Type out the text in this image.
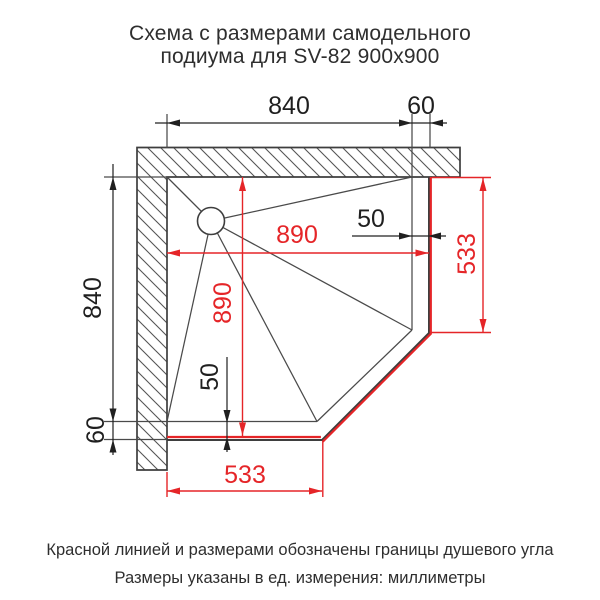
Схема с размерами самодельного
подиума для SV-82 900x900
840	60
50
840
60
50
890
890
533
533
Красной линией и размерами обозначены границы душевого угла
Размеры указаны в ед. измерения: миллиметры
